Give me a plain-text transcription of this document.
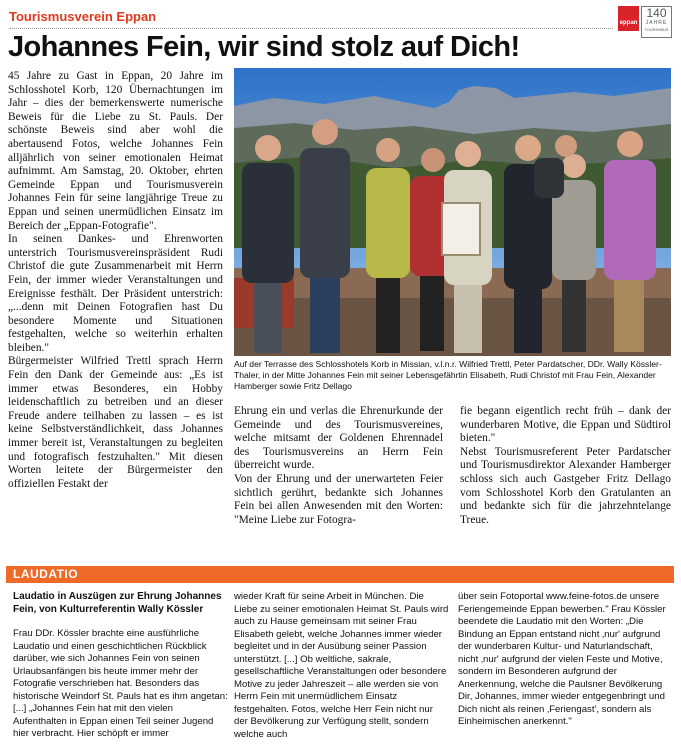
Tourismusverein Eppan	eppan
140
JAHRE
TOURISMUS
Johannes Fein, wir sind stolz auf Dich!

45 Jahre zu Gast in Eppan, 20 Jahre im Schlosshotel Korb, 120 Übernachtungen im Jahr – dies der bemerkenswerte numerische Beweis für die Liebe zu St. Pauls. Der schönste Beweis sind aber wohl die abertausend Fotos, welche Johannes Fein alljährlich von seiner emotionalen Heimat aufnimmt. Am Samstag, 20. Oktober, ehrten Gemeinde Eppan und Tourismusverein Johannes Fein für seine langjährige Treue zu Eppan und seinen unermüdlichen Einsatz im Bereich der „Eppan-Fotografie".

In seinen Dankes- und Ehrenworten unterstrich Tourismusvereinspräsident Rudi Christof die gute Zusammenarbeit mit Herrn Fein, der immer wieder Veranstaltungen und Ereignisse festhält. Der Präsident unterstrich: „...denn mit Deinen Fotografien hast Du besondere Momente und Situationen festgehalten, welche so weiterhin erhalten bleiben."

Bürgermeister Wilfried Trettl sprach Herrn Fein den Dank der Gemeinde aus: „Es ist immer etwas Besonderes, ein Hobby leidenschaftlich zu betreiben und an dieser Freude andere teilhaben zu lassen – es ist keine Selbstverständlichkeit, dass Johannes immer bereit ist, Veranstaltungen zu begleiten und fotografisch festzuhalten." Mit diesen Worten leitete der Bürgermeister den offiziellen Festakt der

Auf der Terrasse des Schlosshotels Korb in Missian, v.l.n.r. Wilfried Trettl, Peter Pardatscher, DDr. Wally Kössler-Thaler, in der Mitte Johannes Fein mit seiner Lebensgefährtin Elisabeth, Rudi Christof mit Frau Fein, Alexander Hamberger sowie Fritz Dellago

Ehrung ein und verlas die Ehrenurkunde der Gemeinde und des Tourismusvereines, welche mitsamt der Goldenen Ehrennadel des Tourismusvereins an Herrn Fein überreicht wurde.

Von der Ehrung und der unerwarteten Feier sichtlich gerührt, bedankte sich Johannes Fein bei allen Anwesenden mit den Worten: "Meine Liebe zur Fotogra-

fie begann eigentlich recht früh – dank der wunderbaren Motive, die Eppan und Südtirol bieten."

Nebst Tourismusreferent Peter Pardatscher und Tourismusdirektor Alexander Hamberger schloss sich auch Gastgeber Fritz Dellago vom Schlosshotel Korb den Gratulanten an und bedankte sich für die jahrzehntelange Treue.

LAUDATIO
Laudatio in Auszügen zur Ehrung Johannes Fein, von Kulturreferentin Wally Kössler
Frau DDr. Kössler brachte eine ausführliche Laudatio und einen geschichtlichen Rückblick darüber, wie sich Johannes Fein von seinen Urlaubsanfängen bis heute immer mehr der Fotografie verschrieben hat. Besonders das historische Weindorf St. Pauls hat es ihm angetan: [...] „Johannes Fein hat mit den vielen Aufenthalten in Eppan einen Teil seiner Jugend hier verbracht. Hier schöpft er immer
wieder Kraft für seine Arbeit in München. Die Liebe zu seiner emotionalen Heimat St. Pauls wird auch zu Hause gemeinsam mit seiner Frau Elisabeth gelebt, welche Johannes immer wieder begleitet und in der Ausübung seiner Passion unterstützt. [...] Ob weltliche, sakrale, gesellschaftliche Veranstaltungen oder besondere Motive zu jeder Jahreszeit – alle werden sie von Herrn Fein mit unermüdlichem Einsatz festgehalten. Fotos, welche Herr Fein nicht nur der Bevölkerung zur Verfügung stellt, sondern welche auch
über sein Fotoportal www.feine-fotos.de unsere Feriengemeinde Eppan bewerben." Frau Kössler beendete die Laudatio mit den Worten: „Die Bindung an Eppan entstand nicht ‚nur' aufgrund der wunderbaren Kultur- und Naturlandschaft, nicht ‚nur' aufgrund der vielen Feste und Motive, sondern im Besonderen aufgrund der Anerkennung, welche die Paulsner Bevölkerung Dir, Johannes, immer wieder entgegenbringt und Dich nicht als reinen ‚Feriengast', sondern als Einheimischen anerkennt."
